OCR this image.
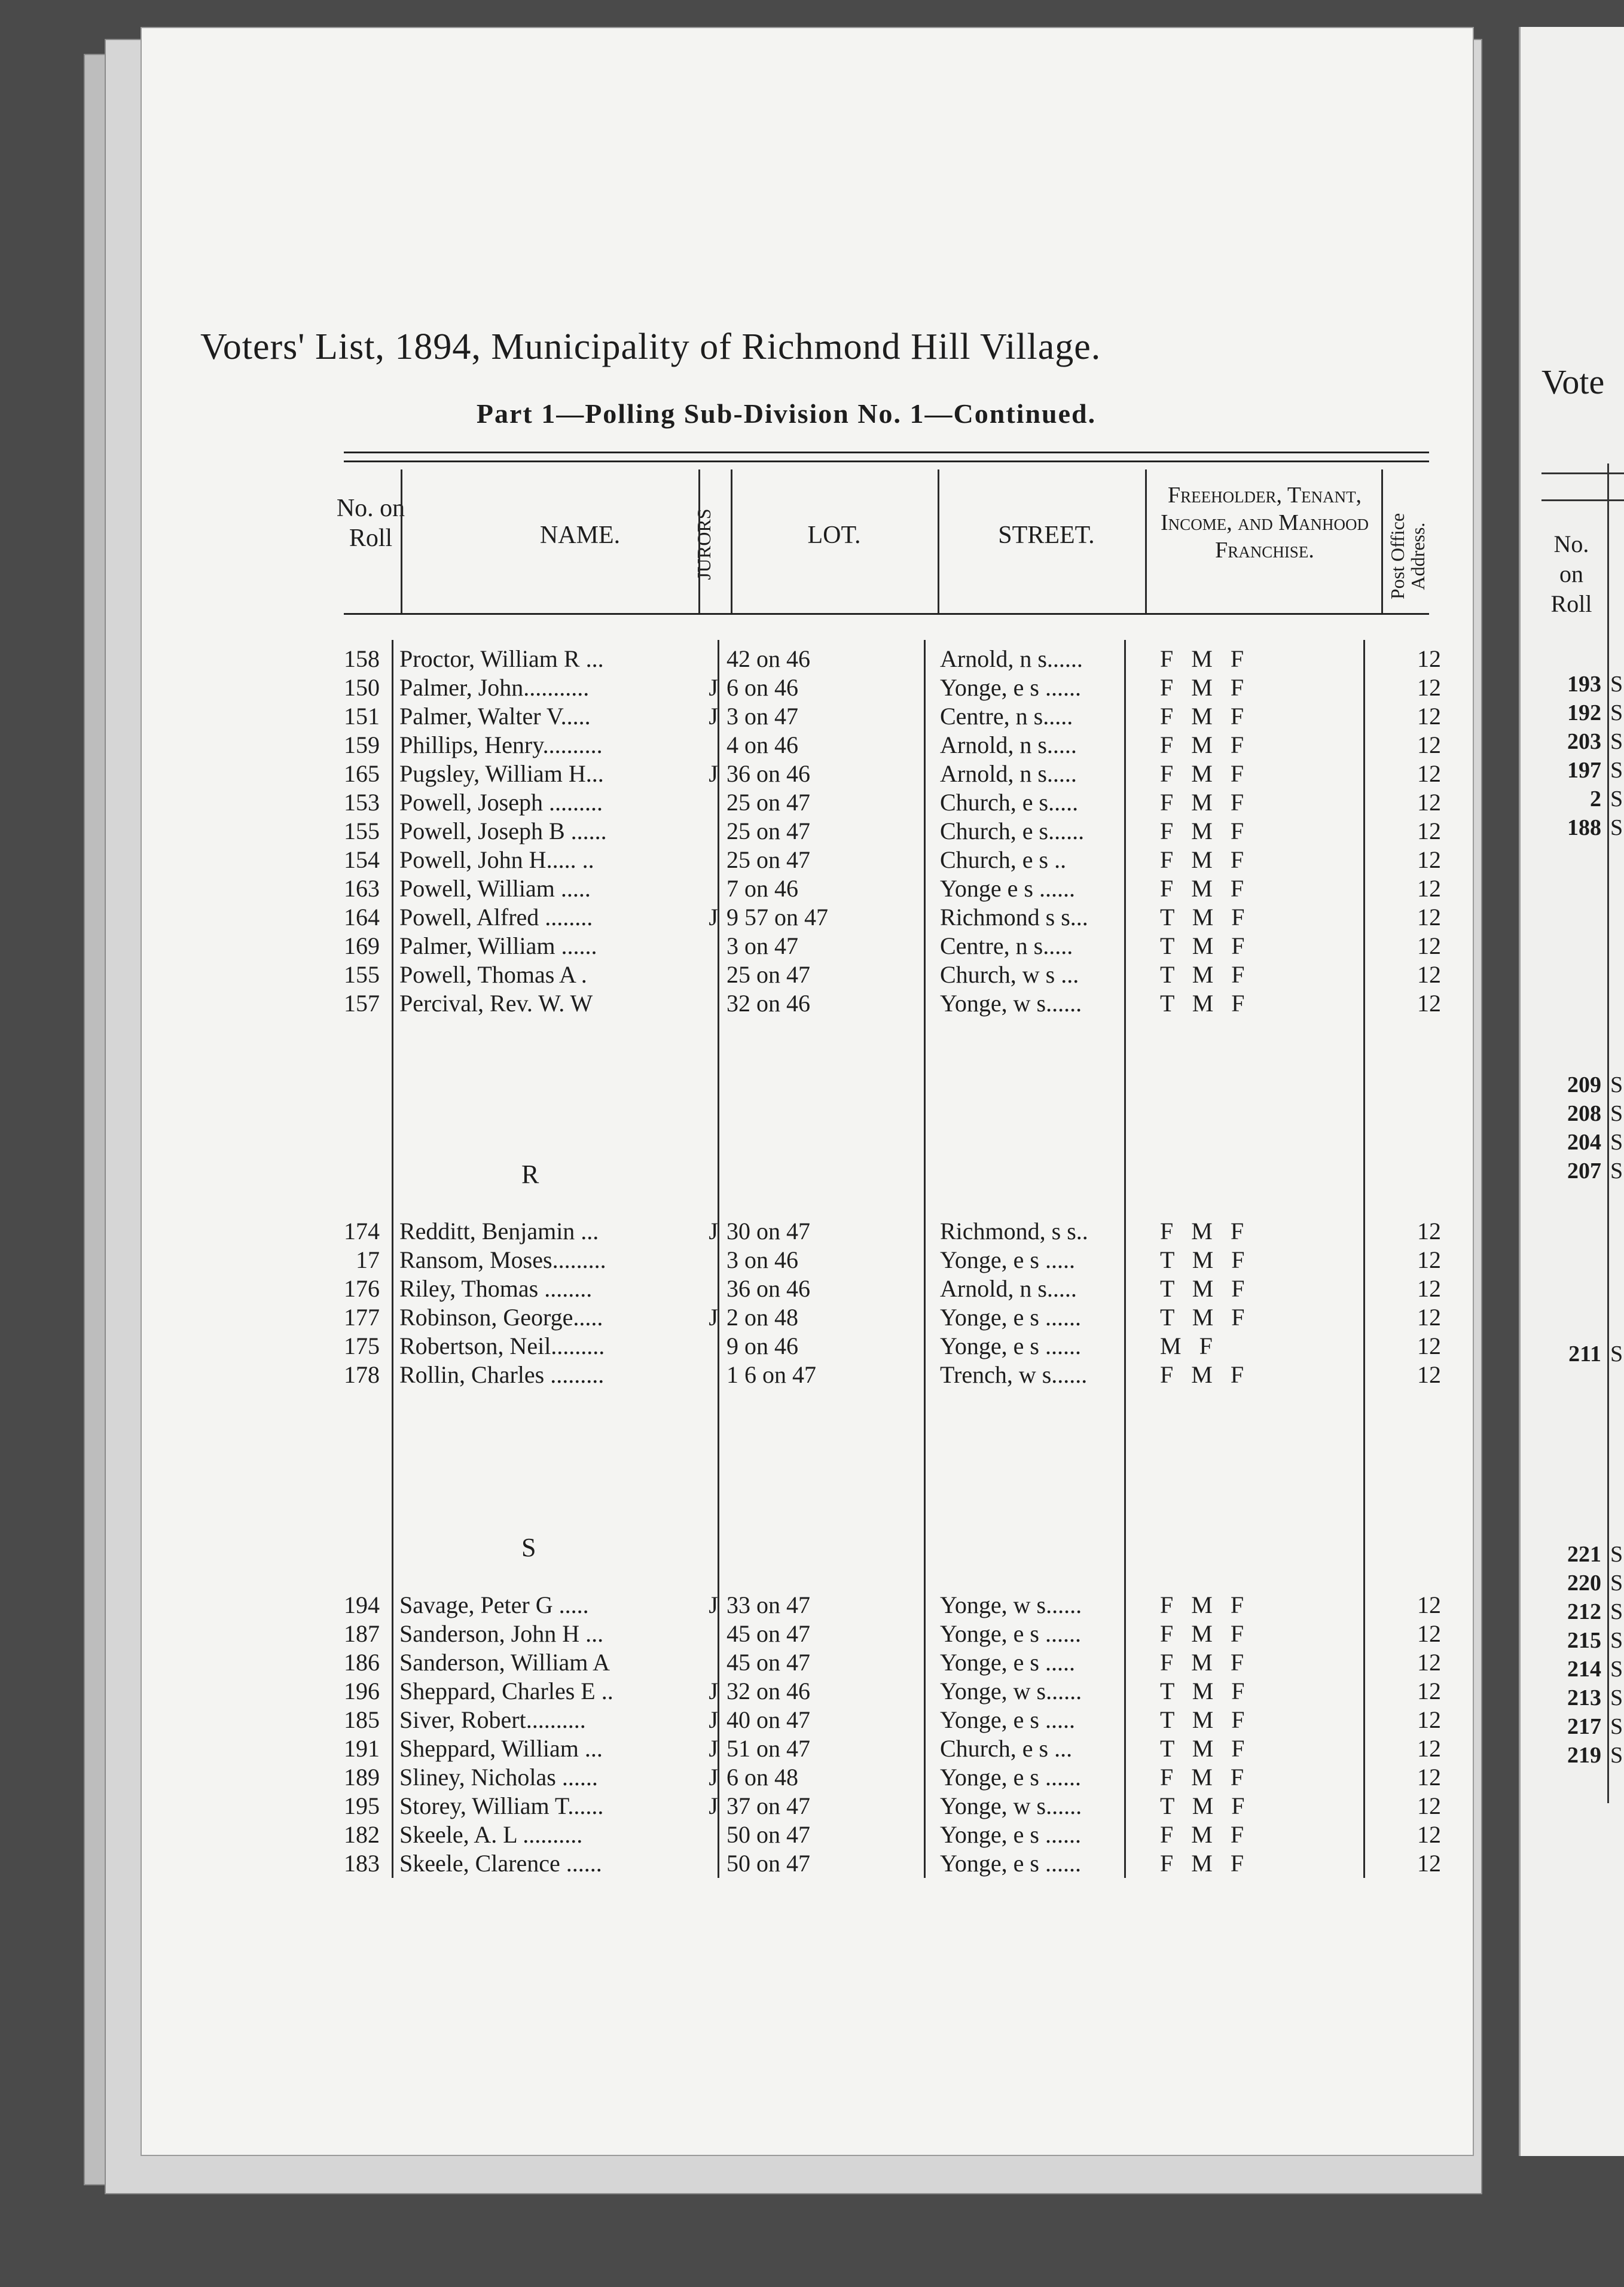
Vote
No. on Roll
193 S
192 S
203 S
197 S
2 S
188 S
209 S
208 S
204 S
207 S
211 S
221 S
220 S
212 S
215 S
214 S
213 S
217 S
219 S
Voters' List, 1894, Municipality of Richmond Hill Village.
Part 1—Polling Sub-Division No. 1—Continued.
No. on Roll	NAME.	JURORS	LOT.	STREET.
Freeholder, Tenant, Income, and Manhood Franchise.	Post Office Address.
158 Proctor, William R ...	42 on 46	Arnold, n s......	F M F	12
150 Palmer, John...........	J 6 on 46	Yonge, e s ......	F M F	12
151 Palmer, Walter V.....	J 3 on 47	Centre, n s.....	F M F	12
159 Phillips, Henry..........	4 on 46	Arnold, n s.....	F M F	12
165 Pugsley, William H...	J 36 on 46	Arnold, n s.....	F M F	12
153 Powell, Joseph .........	25 on 47	Church, e s.....	F M F	12
155 Powell, Joseph B ......	25 on 47	Church, e s......	F M F	12
154 Powell, John H..... ..	25 on 47	Church, e s ..	F M F	12
163 Powell, William .....	7 on 46	Yonge e s ......	F M F	12
164 Powell, Alfred ........	J 9 57 on 47	Richmond s s...	T M F	12
169 Palmer, William ......	3 on 47	Centre, n s.....	T M F	12
155 Powell, Thomas A .	25 on 47	Church, w s ...	T M F	12
157 Percival, Rev. W. W	32 on 46	Yonge, w s......	T M F	12
R
174 Redditt, Benjamin ...	J 30 on 47	Richmond, s s..	F M F	12
17 Ransom, Moses.........	3 on 46	Yonge, e s .....	T M F	12
176 Riley, Thomas ........	36 on 46	Arnold, n s.....	T M F	12
177 Robinson, George.....	J 2 on 48	Yonge, e s ......	T M F	12
175 Robertson, Neil.........	9 on 46	Yonge, e s ......	M F	12
178 Rollin, Charles .........	1 6 on 47	Trench, w s......	F M F	12
S
194 Savage, Peter G .....	J 33 on 47	Yonge, w s......	F M F	12
187 Sanderson, John H ...	45 on 47	Yonge, e s ......	F M F	12
186 Sanderson, William A	45 on 47	Yonge, e s .....	F M F	12
196 Sheppard, Charles E ..	J 32 on 46	Yonge, w s......	T M F	12
185 Siver, Robert..........	J 40 on 47	Yonge, e s .....	T M F	12
191 Sheppard, William ...	J 51 on 47	Church, e s ...	T M F	12
189 Sliney, Nicholas ......	J 6 on 48	Yonge, e s ......	F M F	12
195 Storey, William T......	J 37 on 47	Yonge, w s......	T M F	12
182 Skeele, A. L ..........	50 on 47	Yonge, e s ......	F M F	12
183 Skeele, Clarence ......	50 on 47	Yonge, e s ......	F M F	12
